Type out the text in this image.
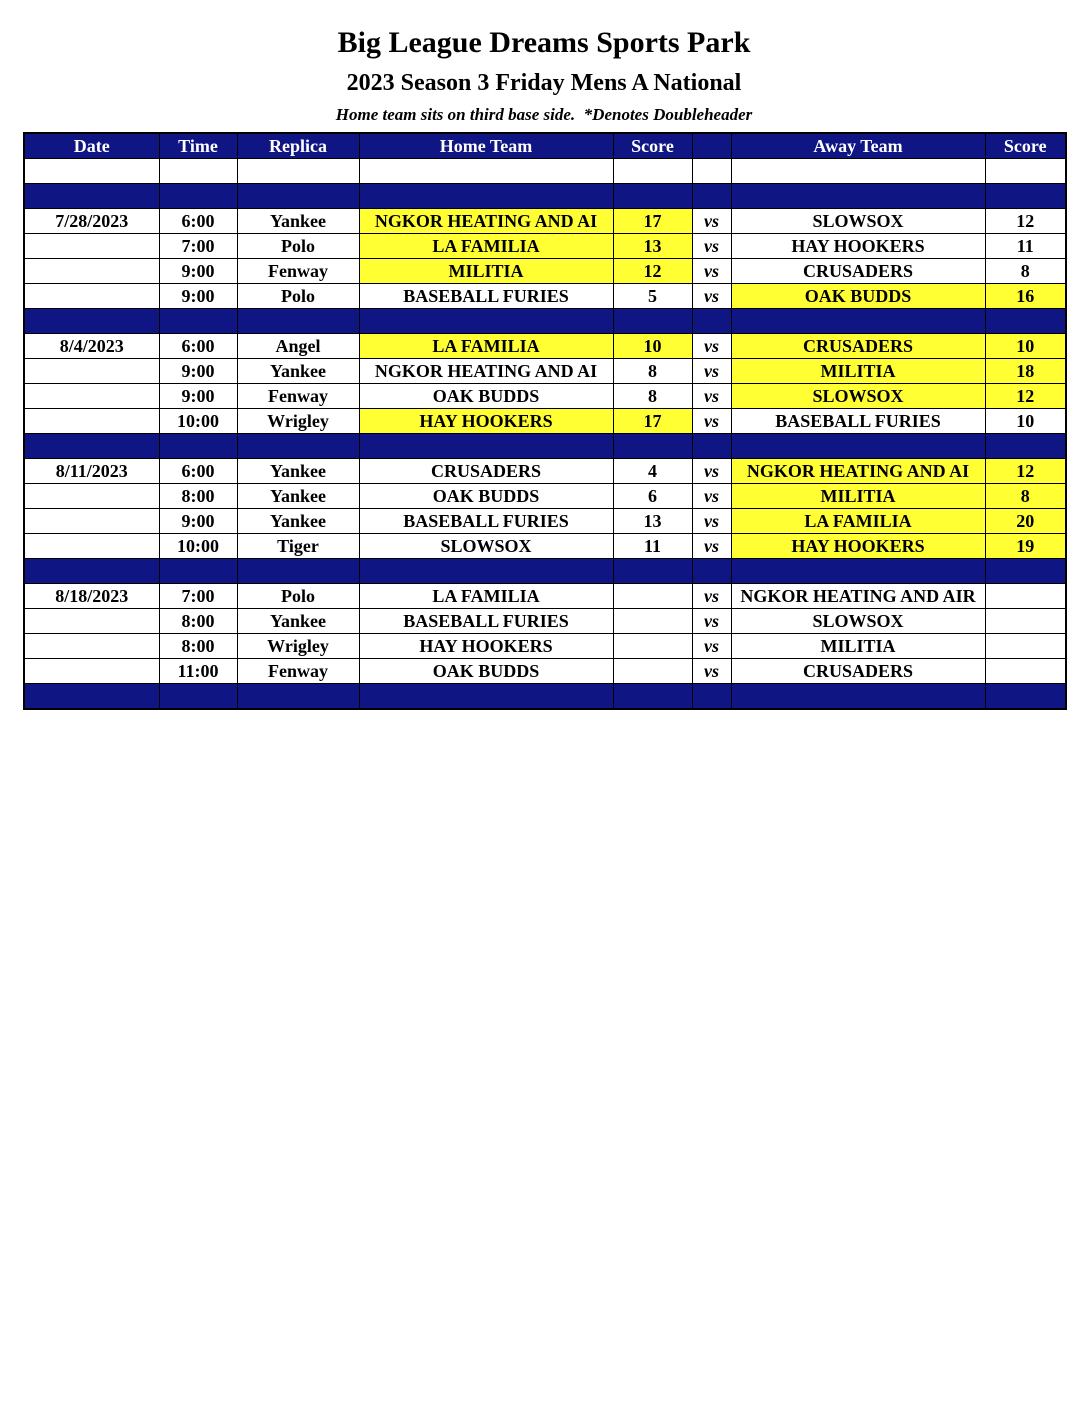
Big League Dreams Sports Park
2023 Season 3 Friday Mens A National
Home team sits on third base side.  *Denotes Doubleheader
Date	Time	Replica	Home Team	Score		Away Team	Score

7/28/2023	6:00	Yankee	NGKOR HEATING AND AI	17	vs	SLOWSOX	12
	7:00	Polo	LA FAMILIA	13	vs	HAY HOOKERS	11
	9:00	Fenway	MILITIA	12	vs	CRUSADERS	8
	9:00	Polo	BASEBALL FURIES	5	vs	OAK BUDDS	16

8/4/2023	6:00	Angel	LA FAMILIA	10	vs	CRUSADERS	10
	9:00	Yankee	NGKOR HEATING AND AI	8	vs	MILITIA	18
	9:00	Fenway	OAK BUDDS	8	vs	SLOWSOX	12
	10:00	Wrigley	HAY HOOKERS	17	vs	BASEBALL FURIES	10

8/11/2023	6:00	Yankee	CRUSADERS	4	vs	NGKOR HEATING AND AI	12
	8:00	Yankee	OAK BUDDS	6	vs	MILITIA	8
	9:00	Yankee	BASEBALL FURIES	13	vs	LA FAMILIA	20
	10:00	Tiger	SLOWSOX	11	vs	HAY HOOKERS	19

8/18/2023	7:00	Polo	LA FAMILIA		vs	NGKOR HEATING AND AIR	
	8:00	Yankee	BASEBALL FURIES		vs	SLOWSOX	
	8:00	Wrigley	HAY HOOKERS		vs	MILITIA	
	11:00	Fenway	OAK BUDDS		vs	CRUSADERS	
